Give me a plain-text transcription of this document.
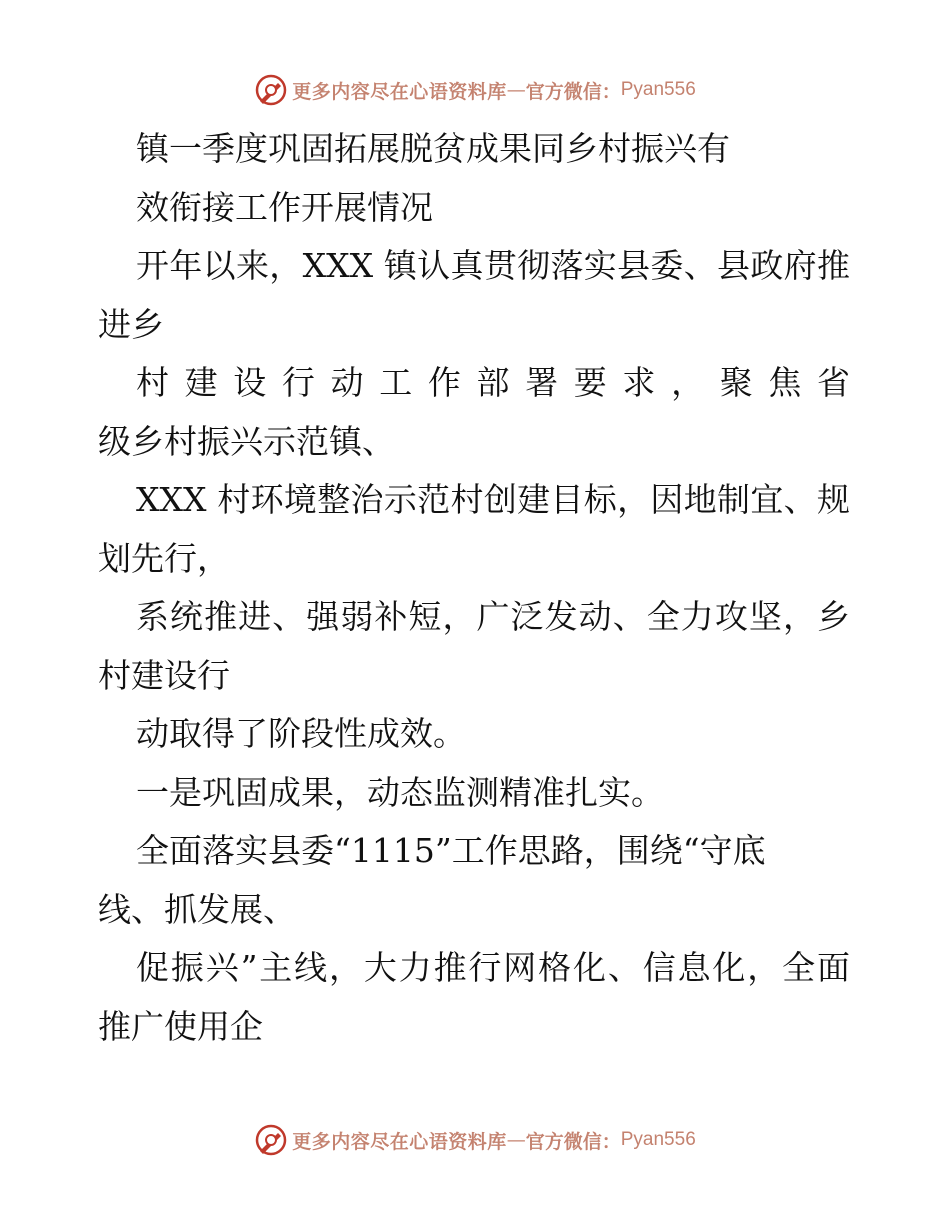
更多内容尽在心语资料库 — 官方微信： Pyan556
镇一季度巩固拓展脱贫成果同乡村振兴有
效衔接工作开展情况
开年以来，XXX 镇认真贯彻落实县委、县政府推
进乡
村建设行动工作部署要求，聚焦省
级乡村振兴示范镇、
XXX 村环境整治示范村创建目标，因地制宜、规
划先行，
系统推进、强弱补短，广泛发动、全力攻坚，乡
村建设行
动取得了阶段性成效。
一是巩固成果，动态监测精准扎实。
全面落实县委“1115”工作思路，围绕“守底
线、抓发展、
促振兴”主线，大力推行网格化、信息化，全面
推广使用企
更多内容尽在心语资料库 — 官方微信： Pyan556
